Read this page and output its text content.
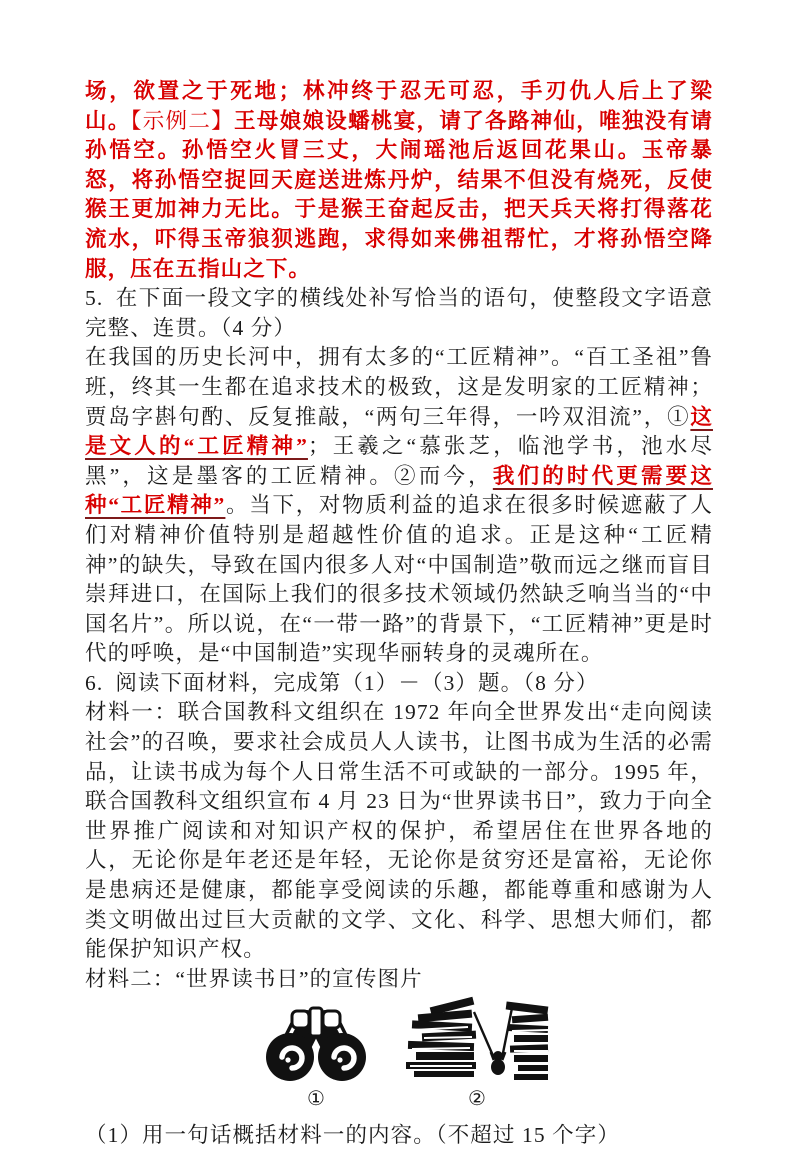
场，欲置之于死地；林冲终于忍无可忍，手刃仇人后上了梁山。【示例二】王母娘娘设蟠桃宴，请了各路神仙，唯独没有请孙悟空。孙悟空火冒三丈，大闹瑶池后返回花果山。玉帝暴怒，将孙悟空捉回天庭送进炼丹炉，结果不但没有烧死，反使猴王更加神力无比。于是猴王奋起反击，把天兵天将打得落花流水，吓得玉帝狼狈逃跑，求得如来佛祖帮忙，才将孙悟空降服，压在五指山之下。

5. 在下面一段文字的横线处补写恰当的语句，使整段文字语意完整、连贯。（4 分）

在我国的历史长河中，拥有太多的“工匠精神”。“百工圣祖”鲁班，终其一生都在追求技术的极致，这是发明家的工匠精神；贾岛字斟句酌、反复推敲，“两句三年得，一吟双泪流”，①这是文人的“工匠精神”；王羲之“慕张芝，临池学书，池水尽黑”，这是墨客的工匠精神。②而今，我们的时代更需要这种“工匠精神”。当下，对物质利益的追求在很多时候遮蔽了人们对精神价值特别是超越性价值的追求。正是这种“工匠精神”的缺失，导致在国内很多人对“中国制造”敬而远之继而盲目崇拜进口，在国际上我们的很多技术领域仍然缺乏响当当的“中国名片”。所以说，在“一带一路”的背景下，“工匠精神”更是时代的呼唤，是“中国制造”实现华丽转身的灵魂所在。

6. 阅读下面材料，完成第（1）－（3）题。（8 分）

材料一：联合国教科文组织在 1972 年向全世界发出“走向阅读社会”的召唤，要求社会成员人人读书，让图书成为生活的必需品，让读书成为每个人日常生活不可或缺的一部分。1995 年，联合国教科文组织宣布 4 月 23 日为“世界读书日”，致力于向全世界推广阅读和对知识产权的保护，希望居住在世界各地的人，无论你是年老还是年轻，无论你是贫穷还是富裕，无论你是患病还是健康，都能享受阅读的乐趣，都能尊重和感谢为人类文明做出过巨大贡献的文学、文化、科学、思想大师们，都能保护知识产权。

材料二：“世界读书日”的宣传图片

①	②

（1）用一句话概括材料一的内容。（不超过 15 个字）
